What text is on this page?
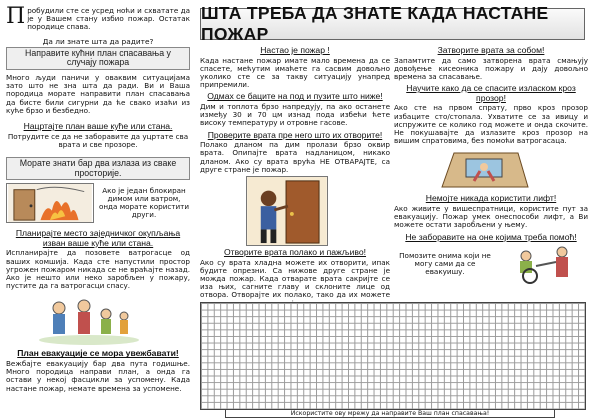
Пробудили сте се усред ноћи и схватате да је у Вашем стану избио пожар. Остатак породице спава.

Да ли знате шта да радите?

Направите кућни план спасавања у случају пожара

Много људи паничи у оваквим ситуацијама зато што не зна шта да ради. Ви и Ваша породица морате направити план спасавања да бисте били сигурни да ће свако изаћи из куће брзо и безбедно.

Нацртајте план ваше куће или стана.

Потрудите се да не заборавите да уцртате сва врата и све прозоре.

Морате знати бар два излаза из сваке просторије.

Ако је један блокиран димом или ватром, онда морате користити други.

Планирајте место заједничког окупљања изван ваше куће или стана.

Испланирајте да позовете ватрогасце од ваших комшија. Када сте напустили простор угрожен пожаром никада се не враћајте назад. Ако је нешто или неко заробљен у пожару, пустите да га ватрогасци спасу.

План евакуације се мора увежбавати!

Вежбајте евакуацију бар два пута годишње. Много породица направи план, а онда га остави у некој фасцикли за успомену. Када настане пожар, немате времена за успомене.

ШТА ТРЕБА ДА ЗНАТЕ КАДА НАСТАНЕ ПОЖАР
Настао је пожар !

Када настане пожар имате мало времена да се спасете, мећутим имаћете га сасвим довољно уколико сте се за такву ситуацију унапред припремили.

Одмах се баците на под и пузите што ниже!

Дим и топлота брзо напредују, па ако останете између 30 и 70 цм изнад пода избећи ћете високу температуру и отровне гасове.

Проверите врата пре него што их отворите!

Полако дланом па дим пролази брзо оквир врата. Опипајте врата надланицом, никако дланом. Ако су врата врућа НЕ ОТВАРАЈТЕ, са друге стране је пожар.

Отворите врата полако и пажљиво!

Ако су врата хладна можете их отворити, ипак будите опрезни. Са нижове друге стране је можда пожар. Када отварате врата сакријте се иза њих, сагните главу и склоните лице од отвора. Отворајте их полако, тако да их можете

Затворите врата за собом!

Запамтите да само затворена врата смањују довођење кисеоника пожару и дају довољно времена за спасавање.

Научите како да се спасите изласком кроз прозор!

Ако сте на првом спрату, прво кроз прозор избаците сто/стопала. Ухватите се за ивицу и испружите се колико год можете и онда скочите. Не покушавајте да излазите кроз прозор на вишим спратовима, без помоћи ватрогасаца.

Немојте никада користити лифт!

Ако живите у вишеспратници, користите пут за евакуацију. Пожар умек онеспособи лифт, а Ви можете остати заробљени у њему.

Не заборавите на оне којима треба помоћ!

Помозите онима који не могу сами да се евакуишу.

Искористите ову мрежу да направите Ваш план спасавања!
